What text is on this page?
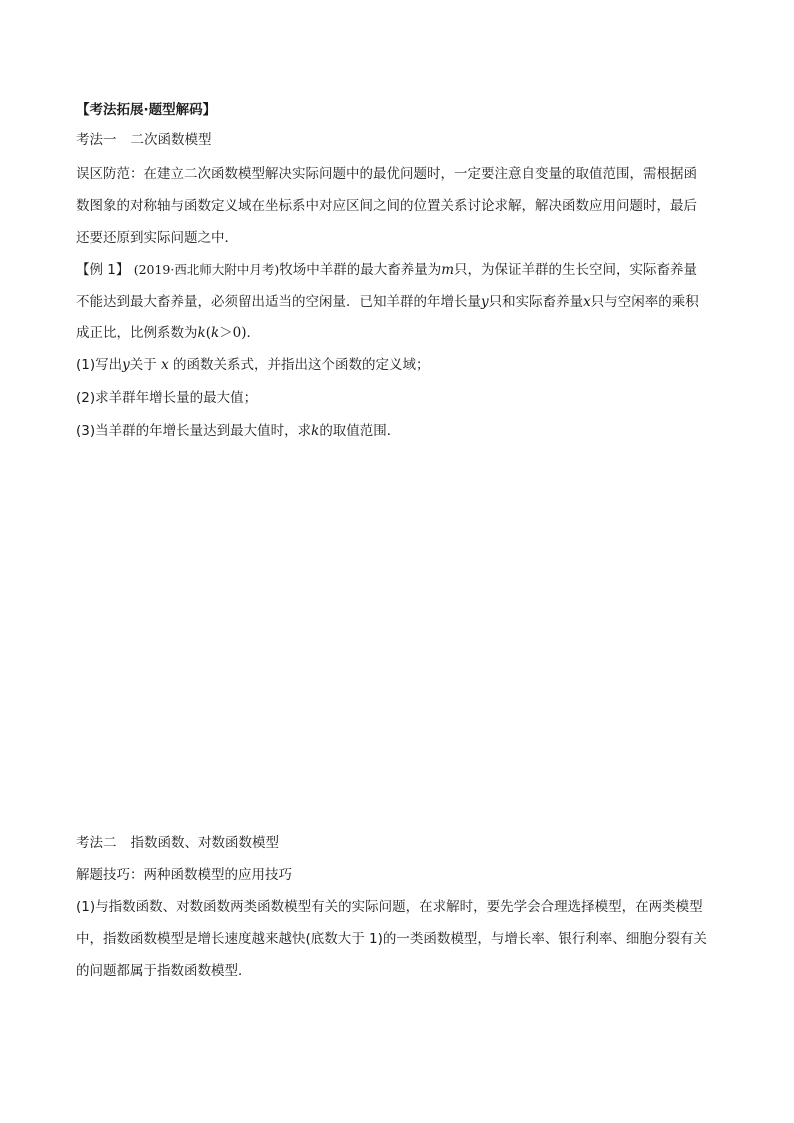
【考法拓展·题型解码】
考法一 二次函数模型
误区防范：在建立二次函数模型解决实际问题中的最优问题时，一定要注意自变量的取值范围，需根据函
数图象的对称轴与函数定义域在坐标系中对应区间之间的位置关系讨论求解，解决函数应用问题时，最后
还要还原到实际问题之中．
【例 1】 (2019·西北师大附中月考)牧场中羊群的最大畜养量为m只，为保证羊群的生长空间，实际畜养量
不能达到最大畜养量，必须留出适当的空闲量．已知羊群的年增长量y只和实际畜养量x只与空闲率的乘积
成正比，比例系数为k(k＞0)．
(1)写出y关于 x 的函数关系式，并指出这个函数的定义域；
(2)求羊群年增长量的最大值；
(3)当羊群的年增长量达到最大值时，求k的取值范围．
考法二 指数函数、对数函数模型
解题技巧：两种函数模型的应用技巧
(1)与指数函数、对数函数两类函数模型有关的实际问题，在求解时，要先学会合理选择模型，在两类模型
中，指数函数模型是增长速度越来越快(底数大于 1)的一类函数模型，与增长率、银行利率、细胞分裂有关
的问题都属于指数函数模型．
